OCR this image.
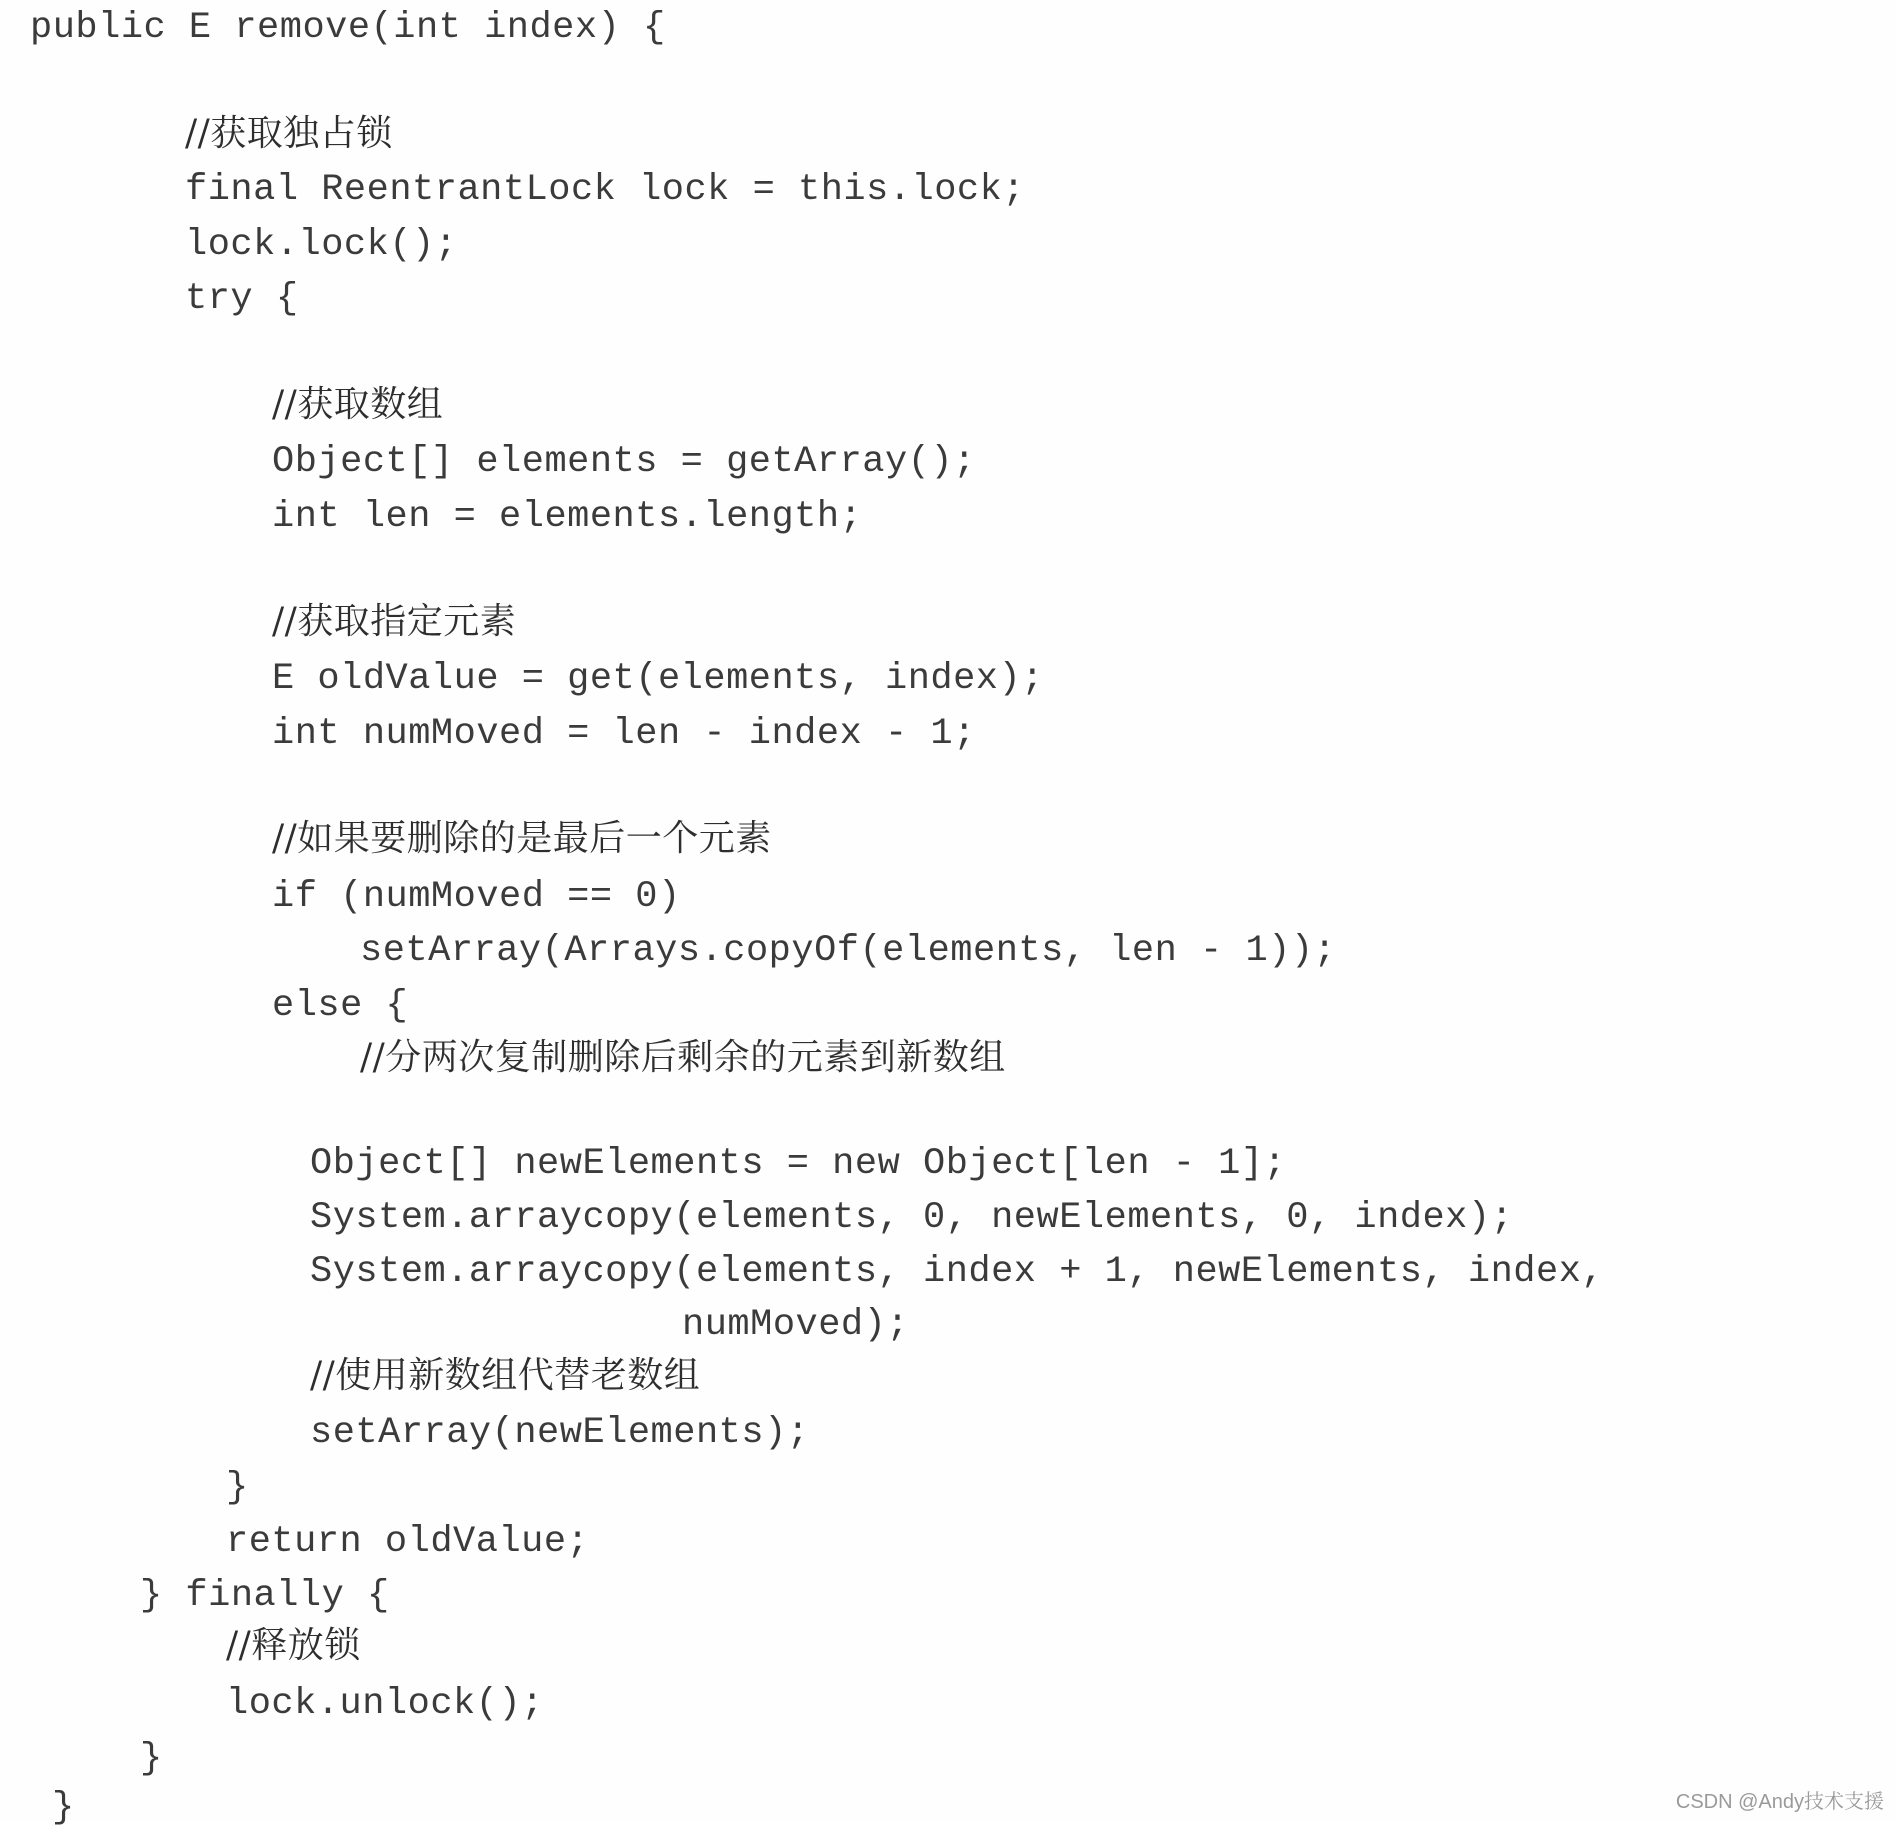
public E remove(int index) {
//获取独占锁
final ReentrantLock lock = this.lock;
lock.lock();
try {
//获取数组
Object[] elements = getArray();
int len = elements.length;
//获取指定元素
E oldValue = get(elements, index);
int numMoved = len - index - 1;
//如果要删除的是最后一个元素
if (numMoved == 0)
setArray(Arrays.copyOf(elements, len - 1));
else {
//分两次复制删除后剩余的元素到新数组
Object[] newElements = new Object[len - 1];
System.arraycopy(elements, 0, newElements, 0, index);
System.arraycopy(elements, index + 1, newElements, index,
numMoved);
//使用新数组代替老数组
setArray(newElements);
}
return oldValue;
} finally {
//释放锁
lock.unlock();
}
}	CSDN @Andy技术支援
